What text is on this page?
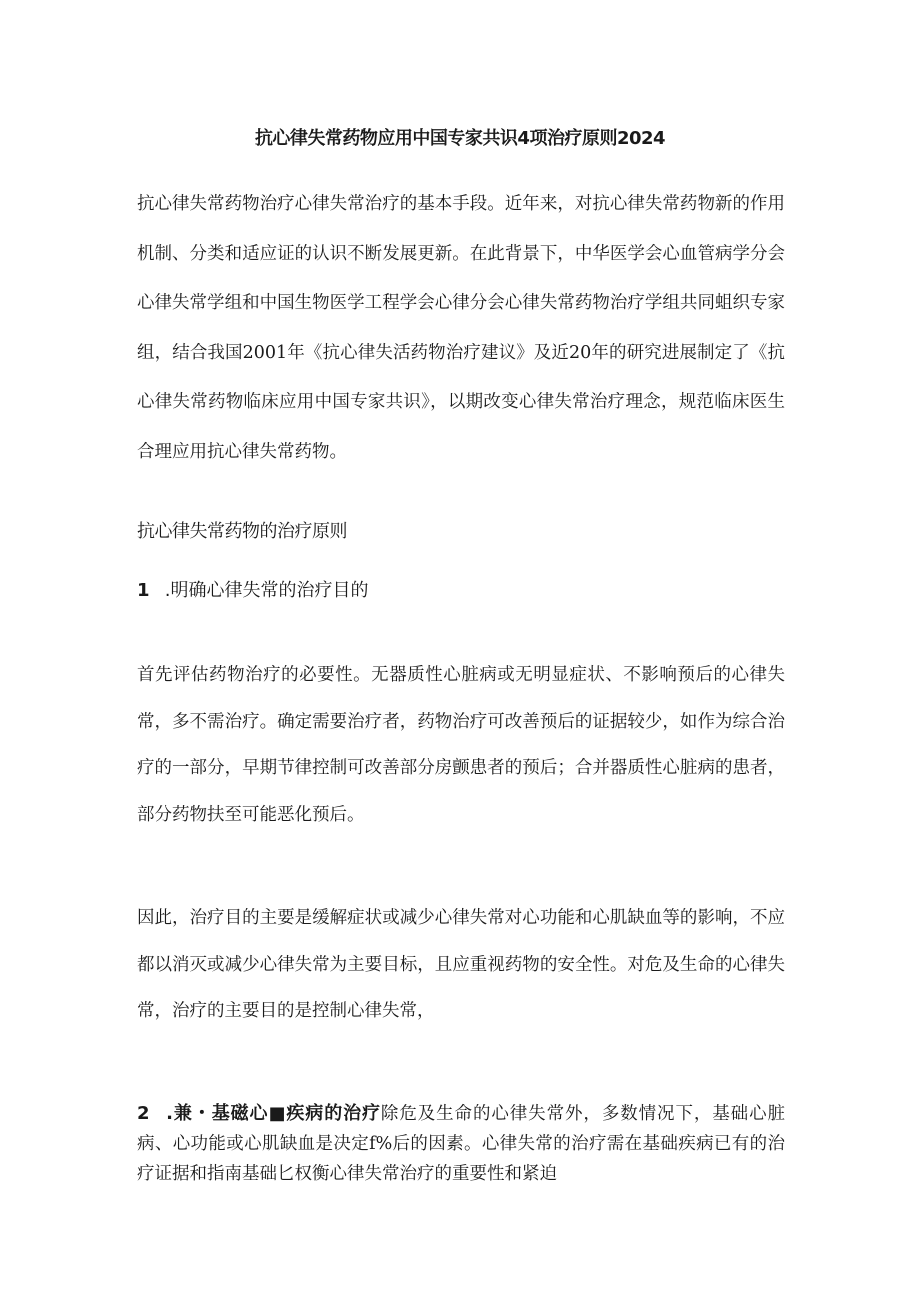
抗心律失常药物应用中国专家共识4项治疗原则2024

抗心律失常药物治疗心律失常治疗的基本手段。近年来，对抗心律失常药物新的作用机制、分类和适应证的认识不断发展更新。在此背景下，中华医学会心血管病学分会心律失常学组和中国生物医学工程学会心律分会心律失常药物治疗学组共同蛆织专家组，结合我国2001年《抗心律失活药物治疗建议》及近20年的研究进展制定了《抗心律失常药物临床应用中国专家共识》，以期改变心律失常治疗理念，规范临床医生合理应用抗心律失常药物。

抗心律失常药物的治疗原则
1 .明确心律失常的治疗目的

首先评估药物治疗的必要性。无器质性心脏病或无明显症状、不影响预后的心律失常，多不需治疗。确定需要治疗者，药物治疗可改善预后的证据较少，如作为综合治疗的一部分，早期节律控制可改善部分房颤患者的预后；合并器质性心脏病的患者，部分药物扶至可能恶化预后。

因此，治疗目的主要是缓解症状或减少心律失常对心功能和心肌缺血等的影响，不应都以消灭或减少心律失常为主要目标，且应重视药物的安全性。对危及生命的心律失常，治疗的主要目的是控制心律失常，

2 .兼・基磁心■疾病的治疗除危及生命的心律失常外，多数情况下，基础心脏病、心功能或心肌缺血是决定f%后的因素。心律失常的治疗需在基础疾病已有的治疗证据和指南基础匕权衡心律失常治疗的重要性和紧迫
